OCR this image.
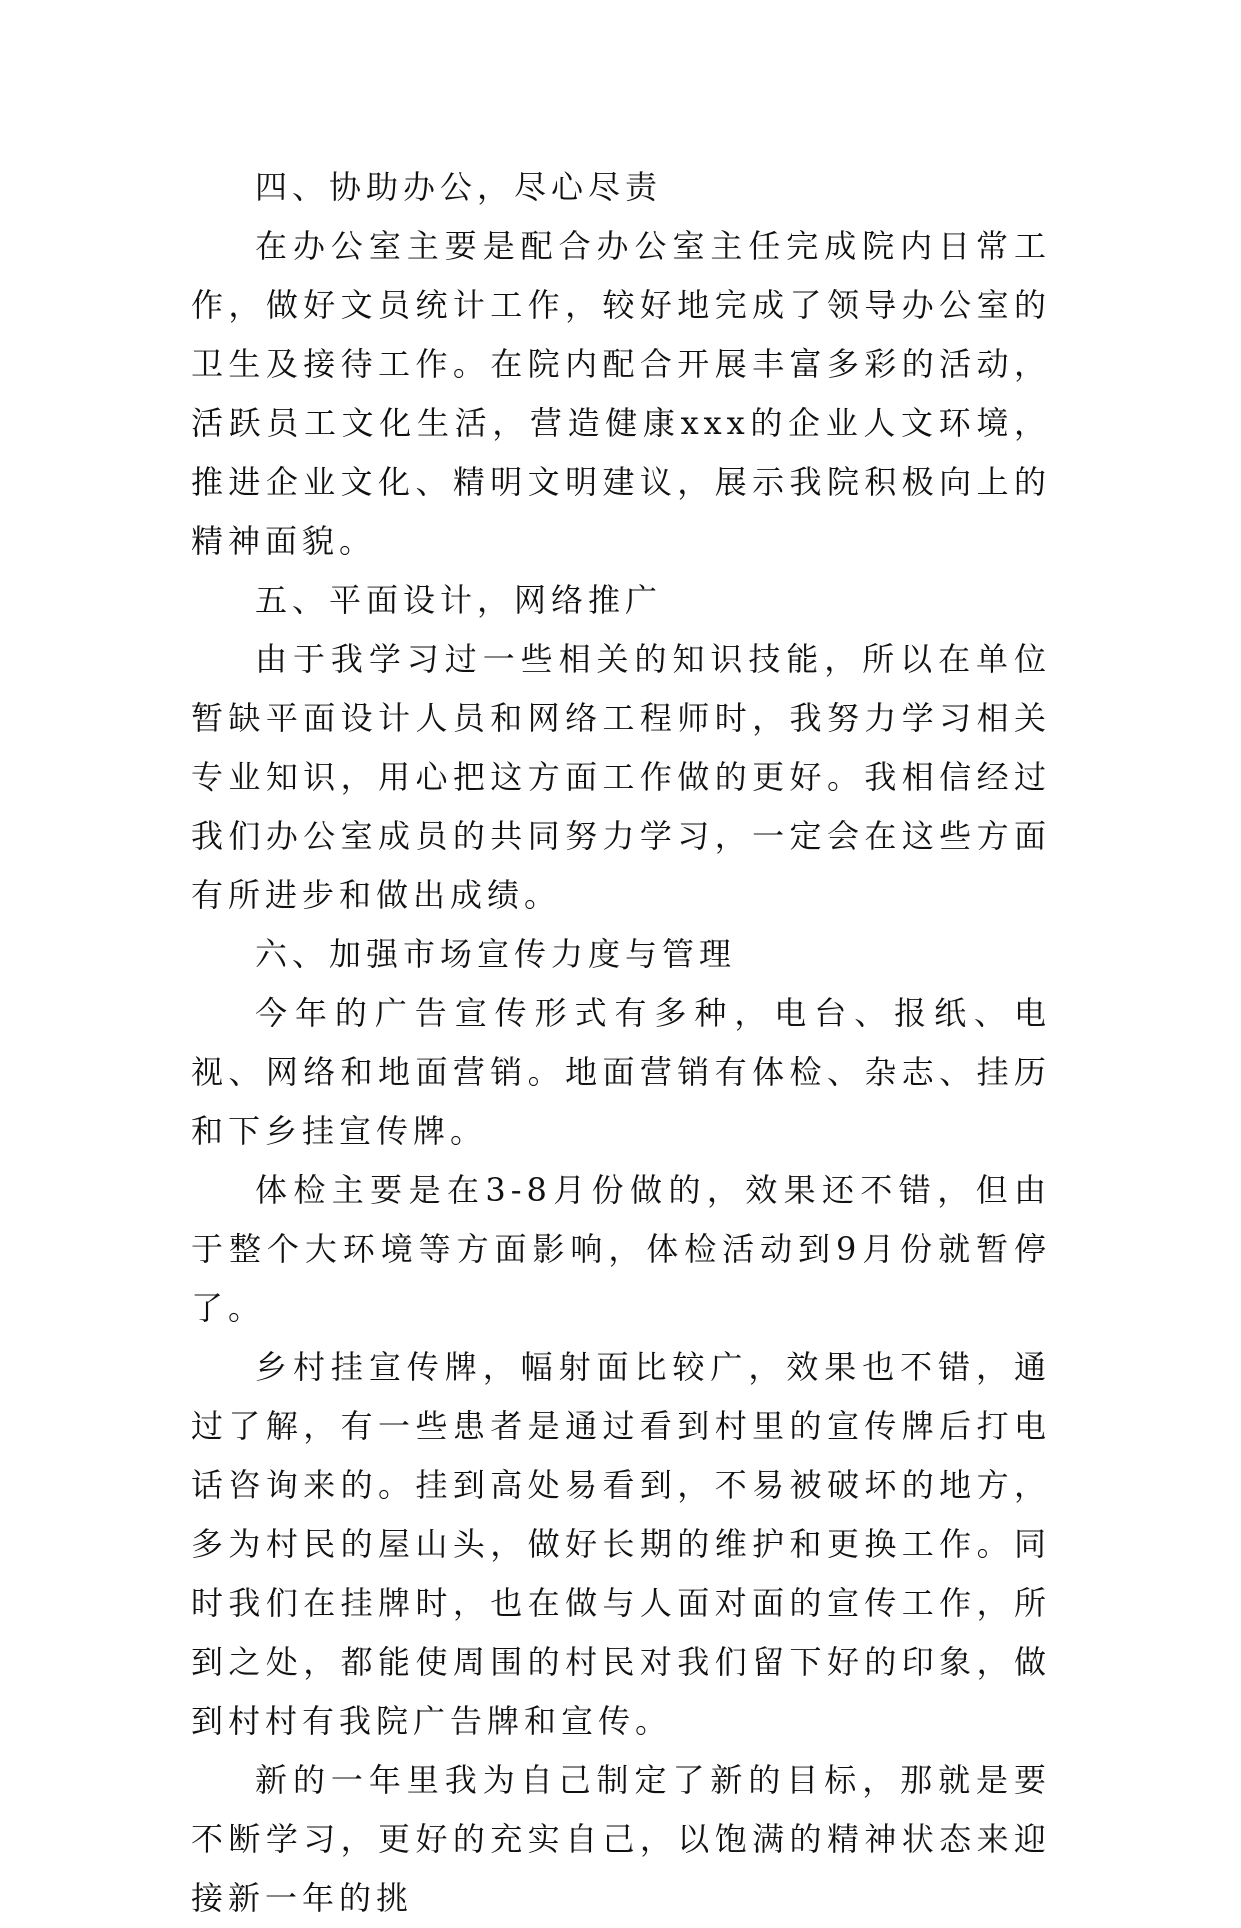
四、协助办公，尽心尽责

在办公室主要是配合办公室主任完成院内日常工作，做好文员统计工作，较好地完成了领导办公室的卫生及接待工作。在院内配合开展丰富多彩的活动，活跃员工文化生活，营造健康xxx的企业人文环境，推进企业文化、精明文明建议，展示我院积极向上的精神面貌。

五、平面设计，网络推广

由于我学习过一些相关的知识技能，所以在单位暂缺平面设计人员和网络工程师时，我努力学习相关专业知识，用心把这方面工作做的更好。我相信经过我们办公室成员的共同努力学习，一定会在这些方面有所进步和做出成绩。

六、加强市场宣传力度与管理

今年的广告宣传形式有多种，电台、报纸、电视、网络和地面营销。地面营销有体检、杂志、挂历和下乡挂宣传牌。

体检主要是在3-8月份做的，效果还不错，但由于整个大环境等方面影响，体检活动到9月份就暂停了。

乡村挂宣传牌，幅射面比较广，效果也不错，通过了解，有一些患者是通过看到村里的宣传牌后打电话咨询来的。挂到高处易看到，不易被破坏的地方，多为村民的屋山头，做好长期的维护和更换工作。同时我们在挂牌时，也在做与人面对面的宣传工作，所到之处，都能使周围的村民对我们留下好的印象，做到村村有我院广告牌和宣传。

新的一年里我为自己制定了新的目标，那就是要不断学习，更好的充实自己，以饱满的精神状态来迎接新一年的挑
